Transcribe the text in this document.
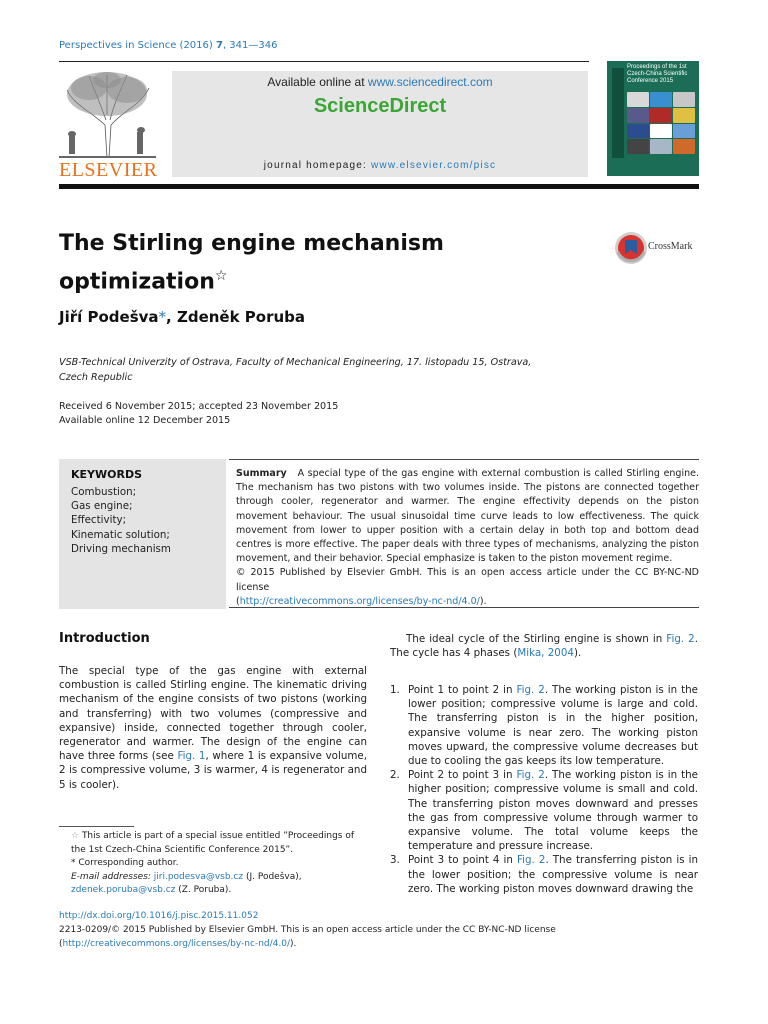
Perspectives in Science (2016) 7, 341—346
ELSEVIER
Available online at www.sciencedirect.com
ScienceDirect
journal homepage: www.elsevier.com/pisc
Proceedings of the 1st Czech-China Scientific Conference 2015
The Stirling engine mechanism
optimization☆
CrossMark
Jiří Podešva*, Zdeněk Poruba
VSB-Technical Univerzity of Ostrava, Faculty of Mechanical Engineering, 17. listopadu 15, Ostrava,
Czech Republic
Received 6 November 2015; accepted 23 November 2015
Available online 12 December 2015
KEYWORDS
Combustion;
Gas engine;
Effectivity;
Kinematic solution;
Driving mechanism
Summary A special type of the gas engine with external combustion is called Stirling engine. The mechanism has two pistons with two volumes inside. The pistons are connected together through cooler, regenerator and warmer. The engine effectivity depends on the piston movement behaviour. The usual sinusoidal time curve leads to low effectiveness. The quick movement from lower to upper position with a certain delay in both top and bottom dead centres is more effective. The paper deals with three types of mechanisms, analyzing the piston movement, and their behavior. Special emphasize is taken to the piston movement regime.
© 2015 Published by Elsevier GmbH. This is an open access article under the CC BY-NC-ND license
(http://creativecommons.org/licenses/by-nc-nd/4.0/).
Introduction
The special type of the gas engine with external combustion is called Stirling engine. The kinematic driving mechanism of the engine consists of two pistons (working and transferring) with two volumes (compressive and expansive) inside, connected together through cooler, regenerator and warmer. The design of the engine can have three forms (see Fig. 1, where 1 is expansive volume, 2 is compressive volume, 3 is warmer, 4 is regenerator and 5 is cooler).
The ideal cycle of the Stirling engine is shown in Fig. 2. The cycle has 4 phases (Mika, 2004).
1. Point 1 to point 2 in Fig. 2. The working piston is in the lower position; compressive volume is large and cold. The transferring piston is in the higher position, expansive volume is near zero. The working piston moves upward, the compressive volume decreases but due to cooling the gas keeps its low temperature.
2. Point 2 to point 3 in Fig. 2. The working piston is in the higher position; compressive volume is small and cold. The transferring piston moves downward and presses the gas from compressive volume through warmer to expansive volume. The total volume keeps the temperature and pressure increase.
3. Point 3 to point 4 in Fig. 2. The transferring piston is in the lower position; the compressive volume is near zero. The working piston moves downward drawing the
☆ This article is part of a special issue entitled ”Proceedings of the 1st Czech-China Scientific Conference 2015”.
* Corresponding author.
E-mail addresses: jiri.podesva@vsb.cz (J. Podešva),
zdenek.poruba@vsb.cz (Z. Poruba).
http://dx.doi.org/10.1016/j.pisc.2015.11.052
2213-0209/© 2015 Published by Elsevier GmbH. This is an open access article under the CC BY-NC-ND license (http://creativecommons.org/licenses/by-nc-nd/4.0/).
